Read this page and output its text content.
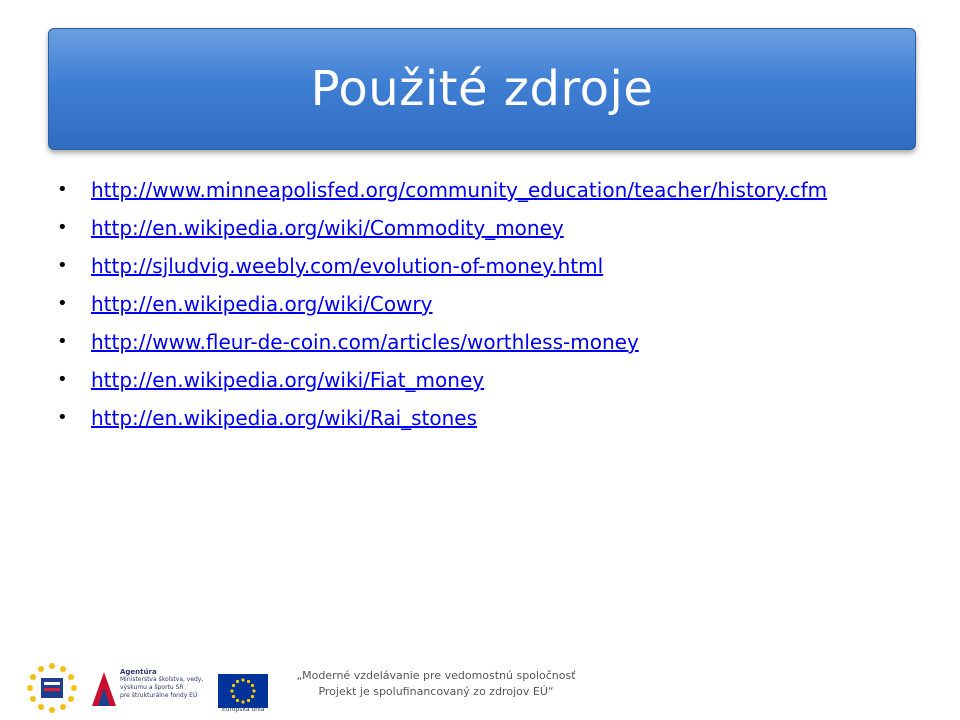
Použité zdroje
• http://www.minneapolisfed.org/community_education/teacher/history.cfm
• http://en.wikipedia.org/wiki/Commodity_money
• http://sjludvig.weebly.com/evolution-of-money.html
• http://en.wikipedia.org/wiki/Cowry
• http://www.fleur-de-coin.com/articles/worthless-money
• http://en.wikipedia.org/wiki/Fiat_money
• http://en.wikipedia.org/wiki/Rai_stones
Agentúra
Ministerstva školstva, vedy, výskumu a športu SR
pre štrukturálne fondy EÚ
Európska únia
„Moderné vzdelávanie pre vedomostnú spoločnosť
Projekt je spolufinancovaný zo zdrojov EÚ“
